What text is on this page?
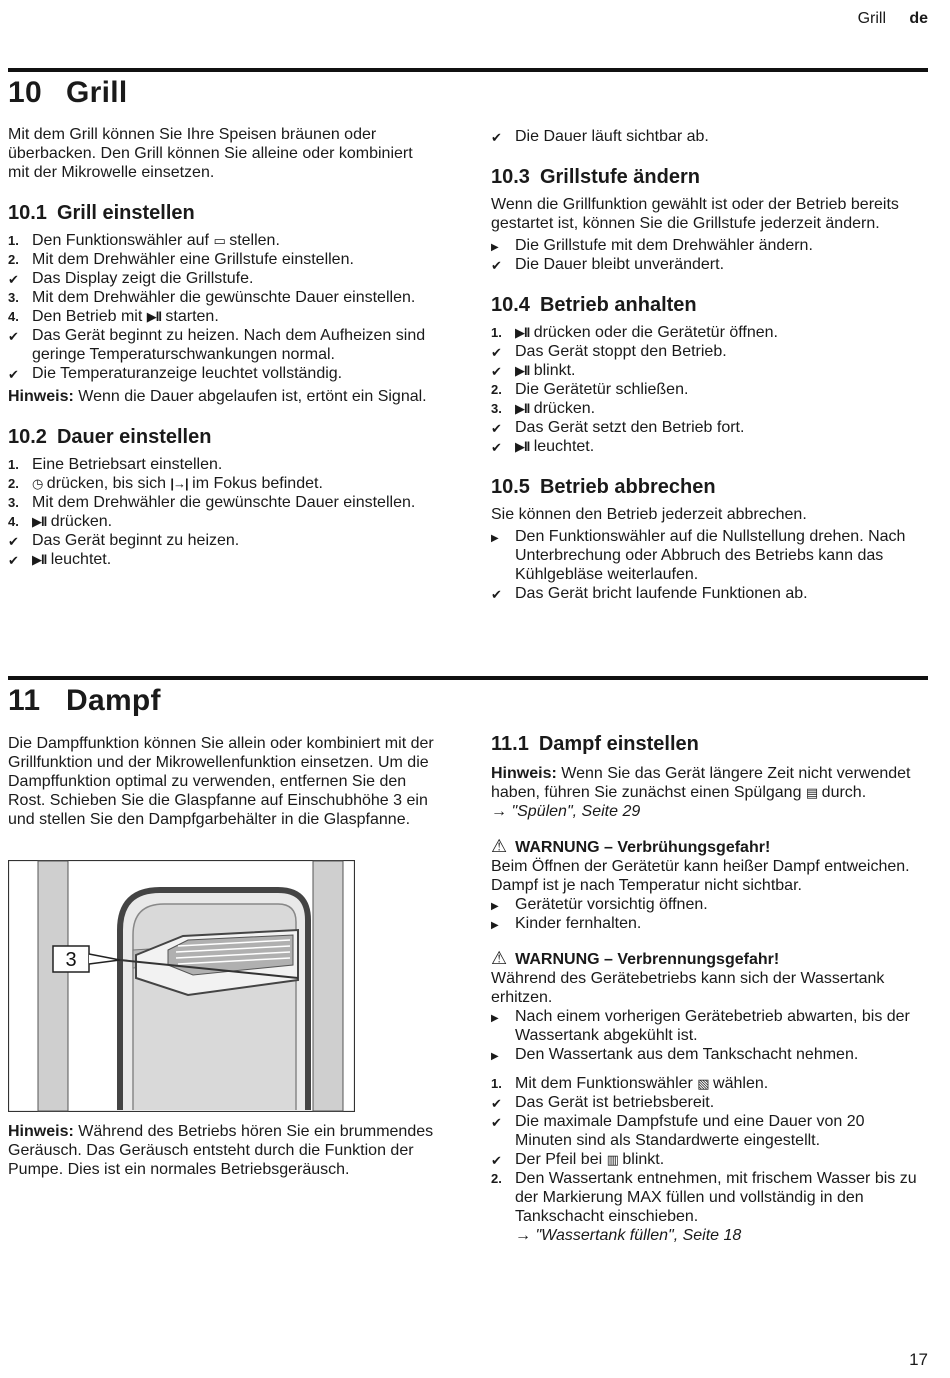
Grill de
10 Grill

Mit dem Grill können Sie Ihre Speisen bräunen oder überbacken. Den Grill können Sie alleine oder kombiniert mit der Mikrowelle einsetzen.

10.1 Grill einstellen
1. Den Funktionswähler auf ▭ stellen.
2. Mit dem Drehwähler eine Grillstufe einstellen.
✔ Das Display zeigt die Grillstufe.
3. Mit dem Drehwähler die gewünschte Dauer einstellen.
4. Den Betrieb mit ▶ll starten.
✔ Das Gerät beginnt zu heizen. Nach dem Aufheizen sind geringe Temperaturschwankungen normal.
✔ Die Temperaturanzeige leuchtet vollständig.

Hinweis: Wenn die Dauer abgelaufen ist, ertönt ein Signal.

10.2 Dauer einstellen
1. Eine Betriebsart einstellen.
2.	◷ drücken, bis sich |→| im Fokus befindet.
3. Mit dem Drehwähler die gewünschte Dauer einstellen.
4.	▶ll drücken.
✔ Das Gerät beginnt zu heizen.
✔	▶ll leuchtet.
✔ Die Dauer läuft sichtbar ab.
10.3 Grillstufe ändern

Wenn die Grillfunktion gewählt ist oder der Betrieb bereits gestartet ist, können Sie die Grillstufe jederzeit ändern.

▶	Die Grillstufe mit dem Drehwähler ändern.
✔ Die Dauer bleibt unverändert.
10.4 Betrieb anhalten
1.	▶ll drücken oder die Gerätetür öffnen.
✔ Das Gerät stoppt den Betrieb.
✔	▶ll blinkt.
2. Die Gerätetür schließen.
3.	▶ll drücken.
✔ Das Gerät setzt den Betrieb fort.
✔	▶ll leuchtet.
10.5 Betrieb abbrechen

Sie können den Betrieb jederzeit abbrechen.

▶	Den Funktionswähler auf die Nullstellung drehen. Nach Unterbrechung oder Abbruch des Betriebs kann das Kühlgebläse weiterlaufen.
✔ Das Gerät bricht laufende Funktionen ab.
11 Dampf

Die Dampffunktion können Sie allein oder kombiniert mit der Grillfunktion und der Mikrowellenfunktion einsetzen. Um die Dampffunktion optimal zu verwenden, entfernen Sie den Rost. Schieben Sie die Glaspfanne auf Einschubhöhe 3 ein und stellen Sie den Dampfgarbehälter in die Glaspfanne.

3

Hinweis: Während des Betriebs hören Sie ein brummendes Geräusch. Das Geräusch entsteht durch die Funktion der Pumpe. Dies ist ein normales Betriebsgeräusch.

11.1 Dampf einstellen

Hinweis: Wenn Sie das Gerät längere Zeit nicht verwendet haben, führen Sie zunächst einen Spülgang ▤ durch.

→ "Spülen", Seite 29

⚠ WARNUNG – Verbrühungsgefahr!

Beim Öffnen der Gerätetür kann heißer Dampf entweichen. Dampf ist je nach Temperatur nicht sichtbar.

▶	Gerätetür vorsichtig öffnen.
▶	Kinder fernhalten.

⚠ WARNUNG – Verbrennungsgefahr!

Während des Gerätebetriebs kann sich der Wassertank erhitzen.

▶	Nach einem vorherigen Gerätebetrieb abwarten, bis der Wassertank abgekühlt ist.
▶	Den Wassertank aus dem Tankschacht nehmen.
1. Mit dem Funktionswähler ▧ wählen.
✔ Das Gerät ist betriebsbereit.
✔ Die maximale Dampfstufe und eine Dauer von 20 Minuten sind als Standardwerte eingestellt.
✔ Der Pfeil bei ▥ blinkt.
2. Den Wassertank entnehmen, mit frischem Wasser bis zu der Markierung MAX füllen und vollständig in den Tankschacht einschieben.
→ "Wassertank füllen", Seite 18
17
